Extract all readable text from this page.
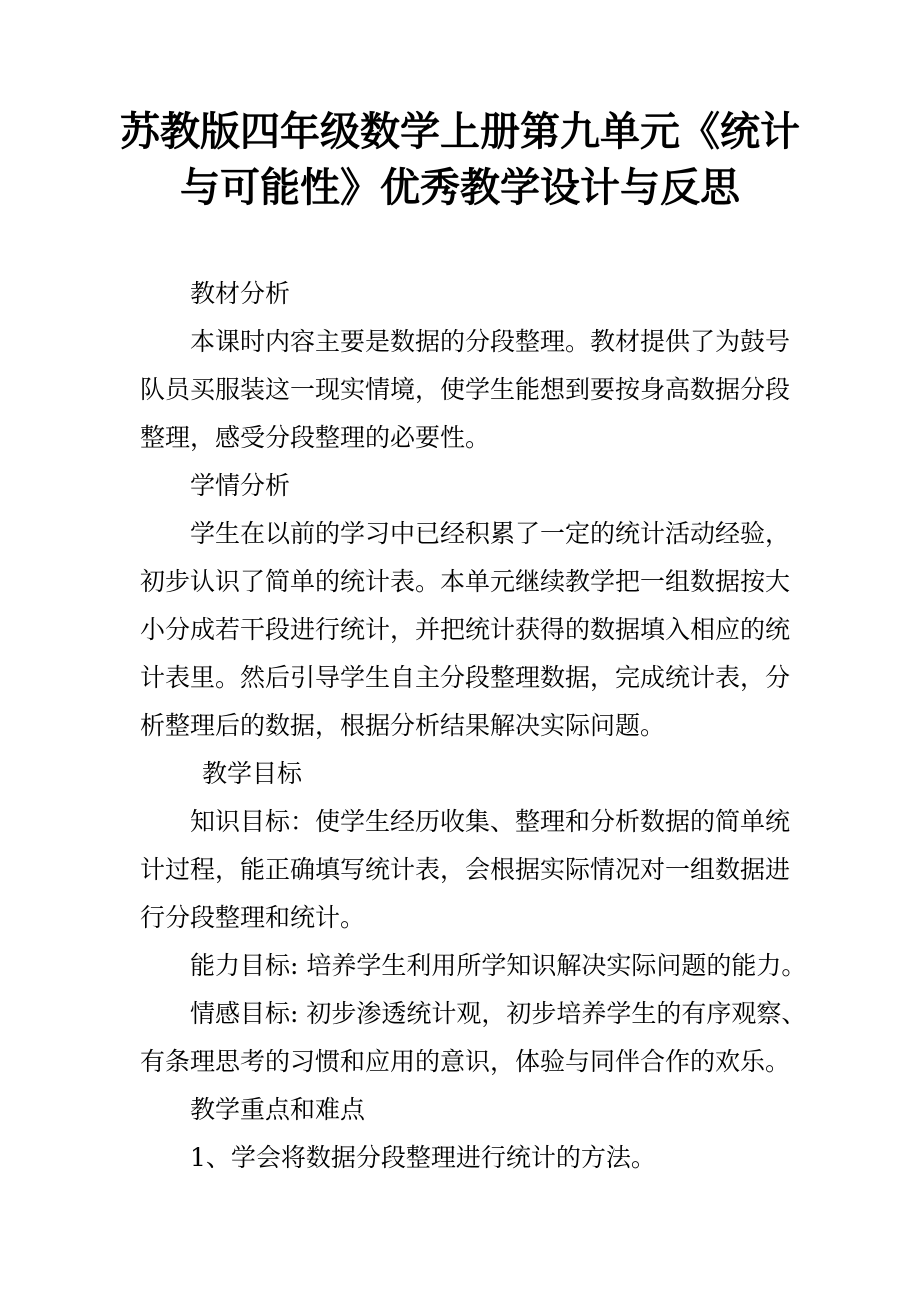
苏教版四年级数学上册第九单元《统计
与可能性》优秀教学设计与反思
教材分析
本课时内容主要是数据的分段整理。教材提供了为鼓号
队员买服装这一现实情境，使学生能想到要按身高数据分段
整理，感受分段整理的必要性。
学情分析
学生在以前的学习中已经积累了一定的统计活动经验，
初步认识了简单的统计表。本单元继续教学把一组数据按大
小分成若干段进行统计，并把统计获得的数据填入相应的统
计表里。然后引导学生自主分段整理数据，完成统计表，分
析整理后的数据，根据分析结果解决实际问题。
教学目标
知识目标：使学生经历收集、整理和分析数据的简单统
计过程，能正确填写统计表，会根据实际情况对一组数据进
行分段整理和统计。
能力目标: 培养学生利用所学知识解决实际问题的能力。
情感目标: 初步渗透统计观，初步培养学生的有序观察、
有条理思考的习惯和应用的意识，体验与同伴合作的欢乐。
教学重点和难点
1、学会将数据分段整理进行统计的方法。
